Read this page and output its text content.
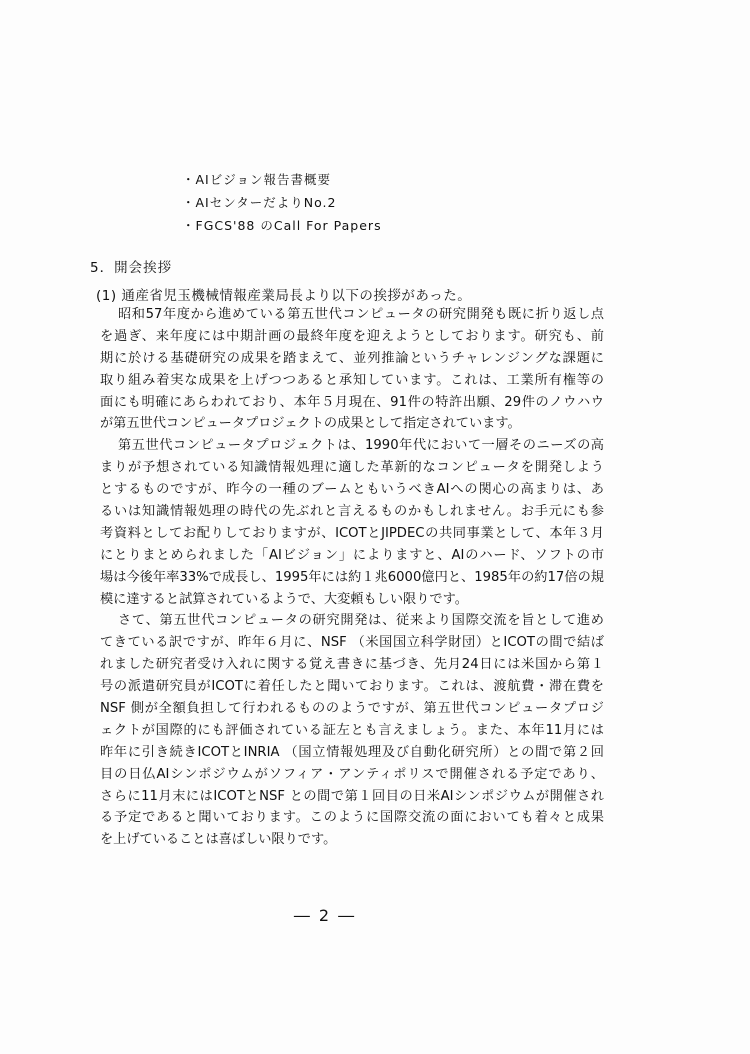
・AIビジョン報告書概要
・AIセンターだよりNo.2
・FGCS'88 のCall For Papers
5．開会挨拶
(1) 通産省児玉機械情報産業局長より以下の挨拶があった。
昭和57年度から進めている第五世代コンピュータの研究開発も既に折り返し点
を過ぎ、来年度には中期計画の最終年度を迎えようとしております。研究も、前
期に於ける基礎研究の成果を踏まえて、並列推論というチャレンジングな課題に
取り組み着実な成果を上げつつあると承知しています。これは、工業所有権等の
面にも明確にあらわれており、本年５月現在、91件の特許出願、29件のノウハウ
が第五世代コンピュータプロジェクトの成果として指定されています。
第五世代コンピュータプロジェクトは、1990年代において一層そのニーズの高
まりが予想されている知識情報処理に適した革新的なコンピュータを開発しよう
とするものですが、昨今の一種のブームともいうべきAIへの関心の高まりは、あ
るいは知識情報処理の時代の先ぶれと言えるものかもしれません。お手元にも参
考資料としてお配りしておりますが、ICOTとJIPDECの共同事業として、本年３月
にとりまとめられました「AIビジョン」によりますと、AIのハード、ソフトの市
場は今後年率33%で成長し、1995年には約１兆6000億円と、1985年の約17倍の規
模に達すると試算されているようで、大変頼もしい限りです。
さて、第五世代コンピュータの研究開発は、従来より国際交流を旨として進め
てきている訳ですが、昨年６月に、NSF （米国国立科学財団）とICOTの間で結ば
れました研究者受け入れに関する覚え書きに基づき、先月24日には米国から第１
号の派遣研究員がICOTに着任したと聞いております。これは、渡航費・滞在費を
NSF 側が全額負担して行われるもののようですが、第五世代コンピュータプロジ
ェクトが国際的にも評価されている証左とも言えましょう。また、本年11月には
昨年に引き続きICOTとINRIA （国立情報処理及び自動化研究所）との間で第２回
目の日仏AIシンポジウムがソフィア・アンティポリスで開催される予定であり、
さらに11月末にはICOTとNSF との間で第１回目の日米AIシンポジウムが開催され
る予定であると聞いております。このように国際交流の面においても着々と成果
を上げていることは喜ばしい限りです。
― 2 ―
